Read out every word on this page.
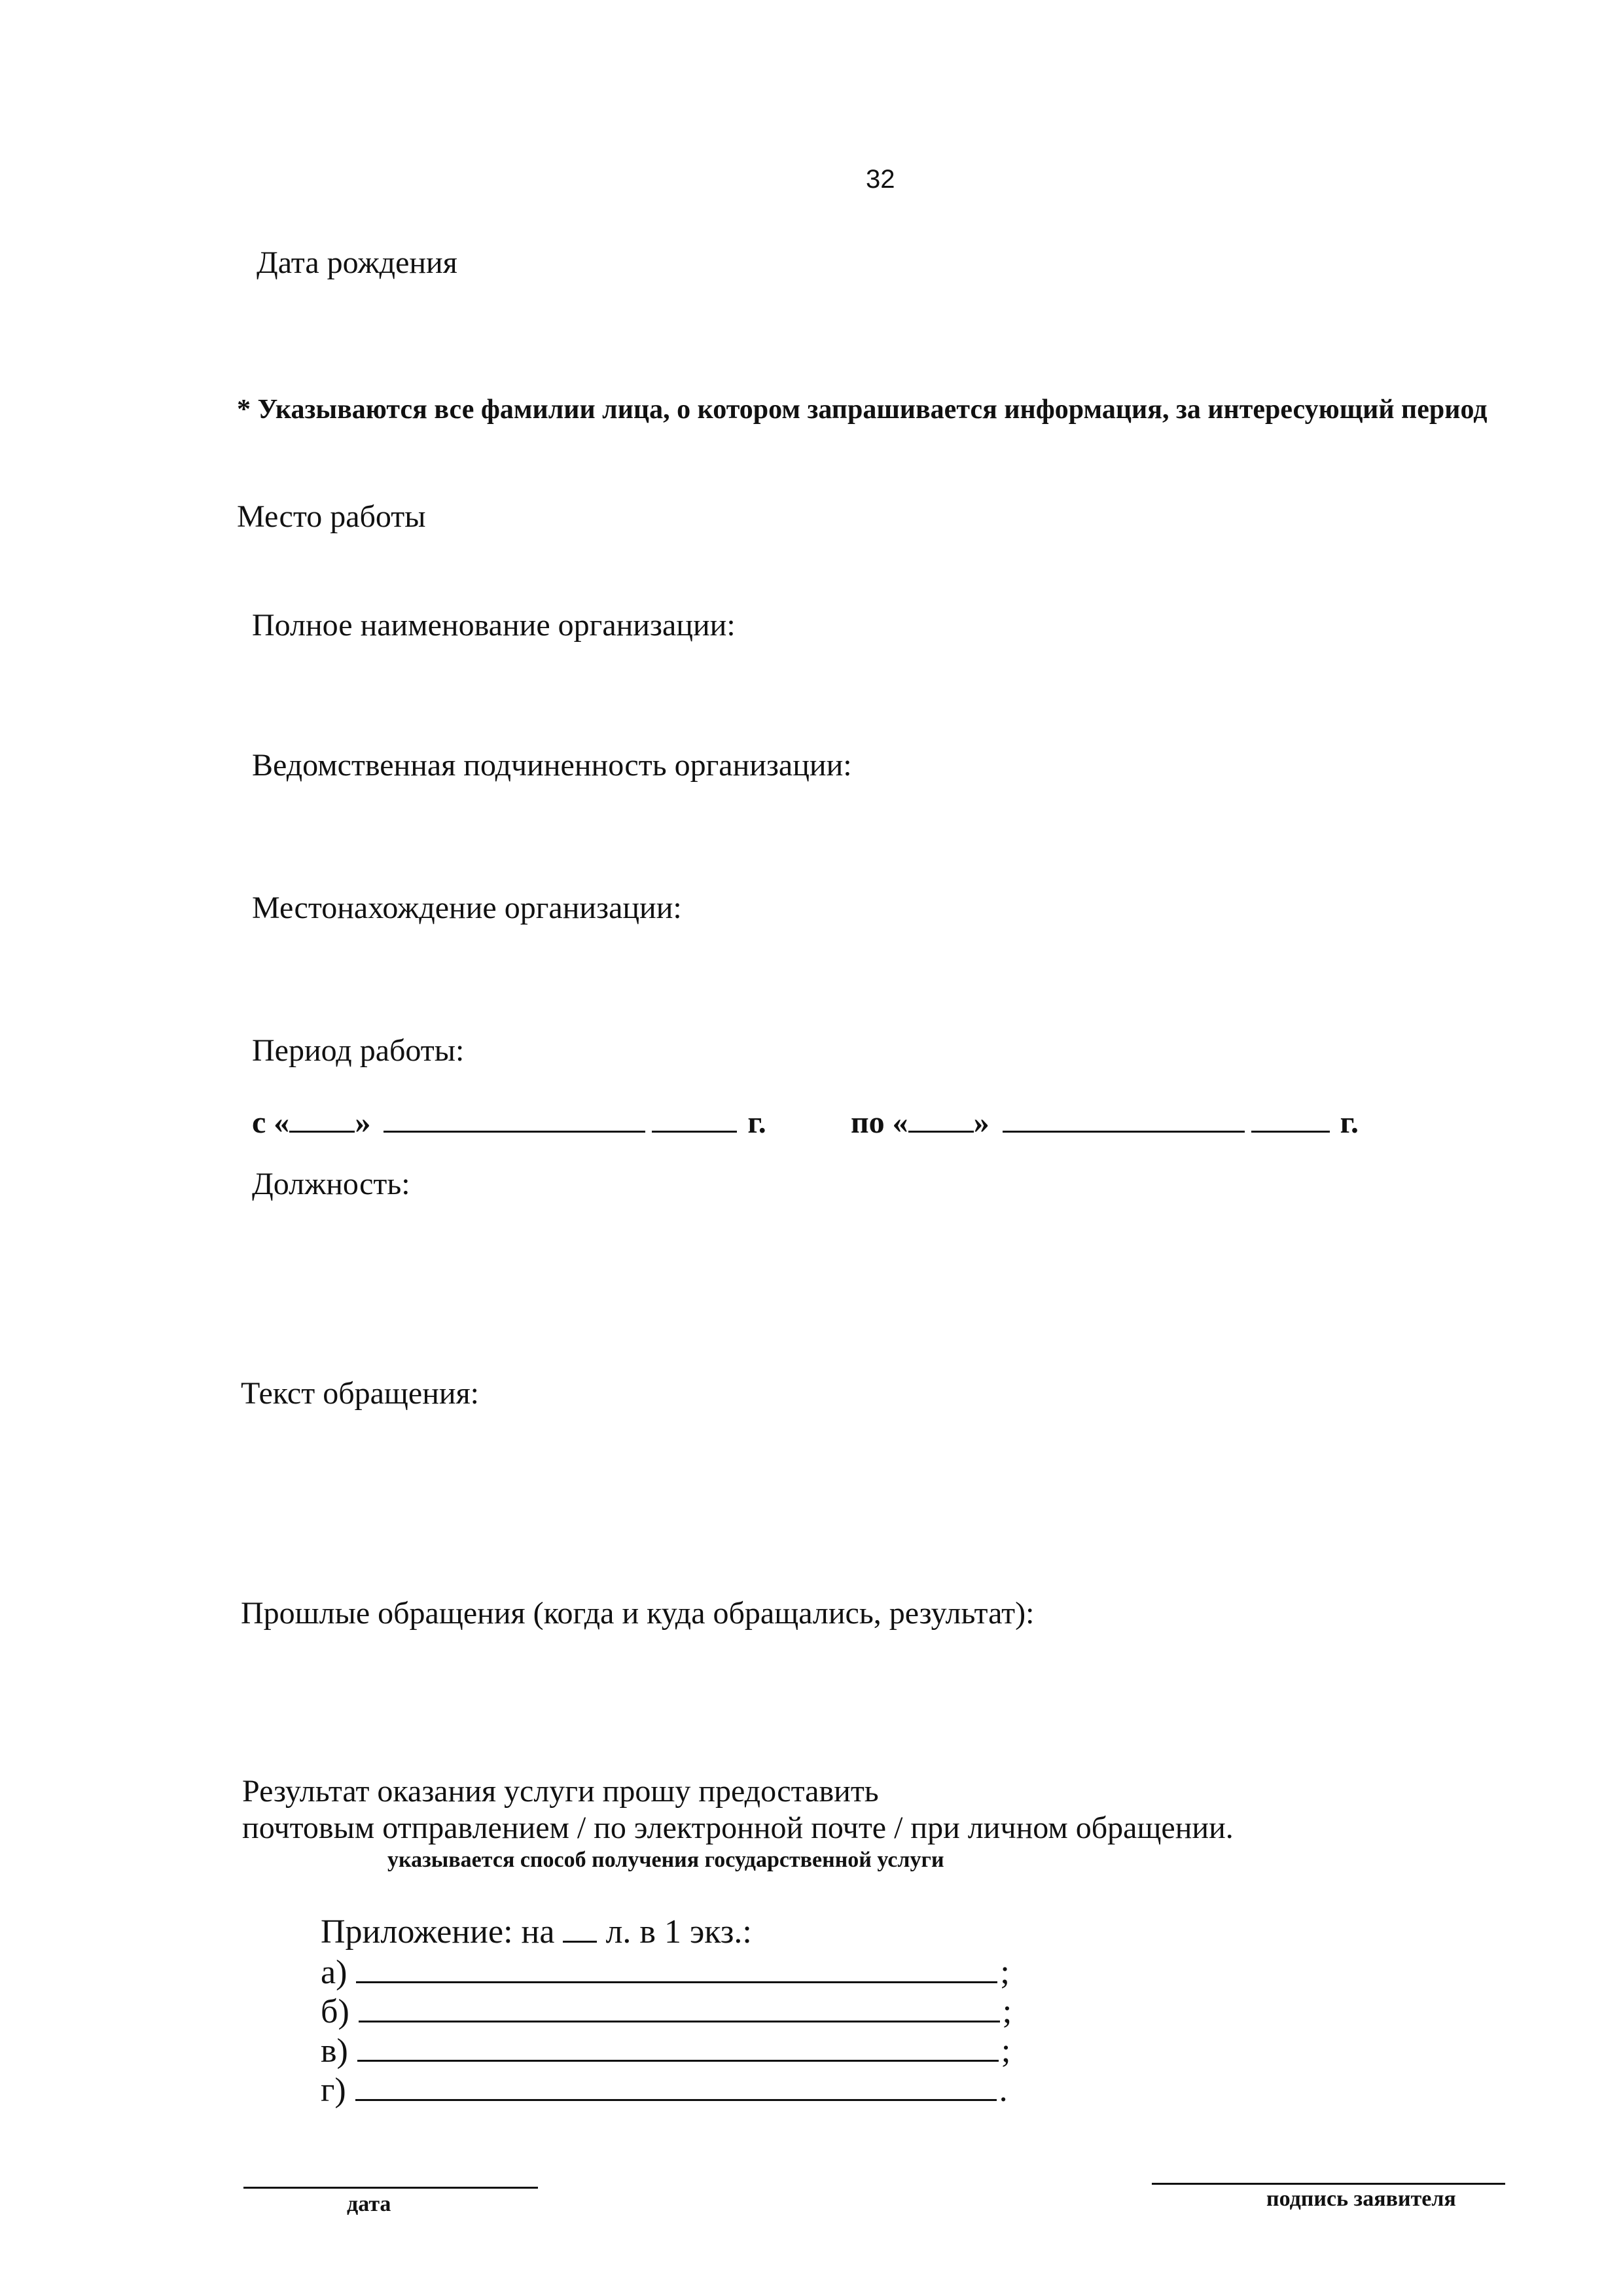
32
Дата рождения
* Указываются все фамилии лица, о котором запрашивается информация, за интересующий период
Место работы
Полное наименование организации:
Ведомственная подчиненность организации:
Местонахождение организации:
Период работы:
с « »	г.	по « »	г.
Должность:
Текст обращения:
Прошлые обращения (когда и куда обращались, результат):
Результат оказания услуги прошу предоставить
почтовым отправлением / по электронной почте / при личном обращении.
указывается способ получения государственной услуги
Приложение: на л. в 1 экз.:
а)	;
б)	;
в)	;
г)	.
дата	подпись заявителя
